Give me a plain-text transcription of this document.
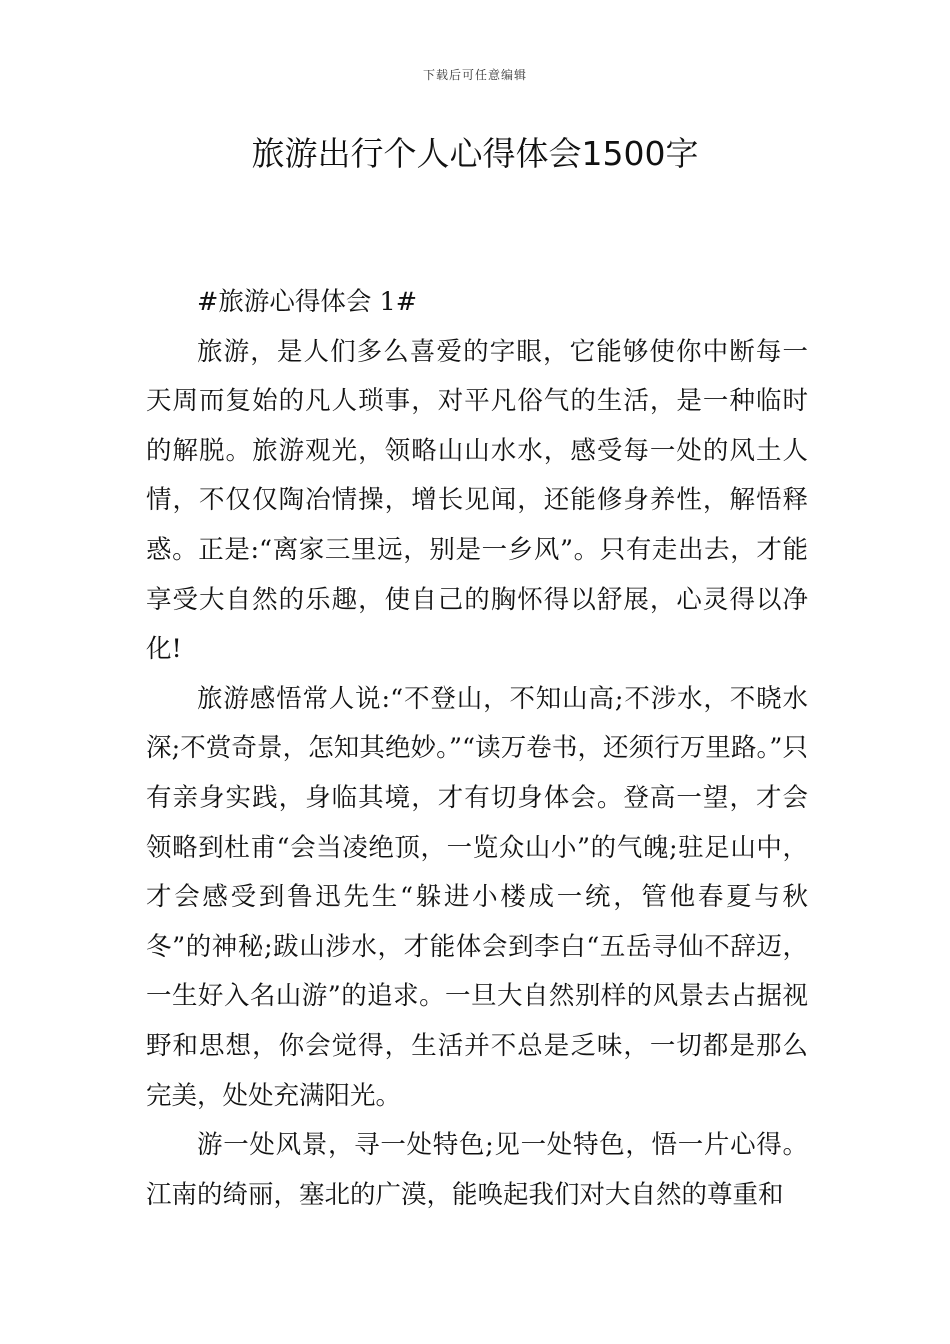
下载后可任意编辑
旅游出行个人心得体会1500字

#旅游心得体会 1#

旅游，是人们多么喜爱的字眼，它能够使你中断每一天周而复始的凡人琐事，对平凡俗气的生活，是一种临时的解脱。旅游观光，领略山山水水，感受每一处的风土人情，不仅仅陶冶情操，增长见闻，还能修身养性，解悟释惑。正是:“离家三里远，别是一乡风”。只有走出去，才能享受大自然的乐趣，使自己的胸怀得以舒展，心灵得以净化!

旅游感悟常人说:“不登山，不知山高;不涉水，不晓水深;不赏奇景，怎知其绝妙。”“读万卷书，还须行万里路。”只有亲身实践，身临其境，才有切身体会。登高一望，才会领略到杜甫“会当凌绝顶，一览众山小”的气魄;驻足山中，才会感受到鲁迅先生“躲进小楼成一统，管他春夏与秋冬”的神秘;跋山涉水，才能体会到李白“五岳寻仙不辞迈，一生好入名山游”的追求。一旦大自然别样的风景去占据视野和思想，你会觉得，生活并不总是乏味，一切都是那么完美，处处充满阳光。

游一处风景，寻一处特色;见一处特色，悟一片心得。江南的绮丽，塞北的广漠，能唤起我们对大自然的尊重和
